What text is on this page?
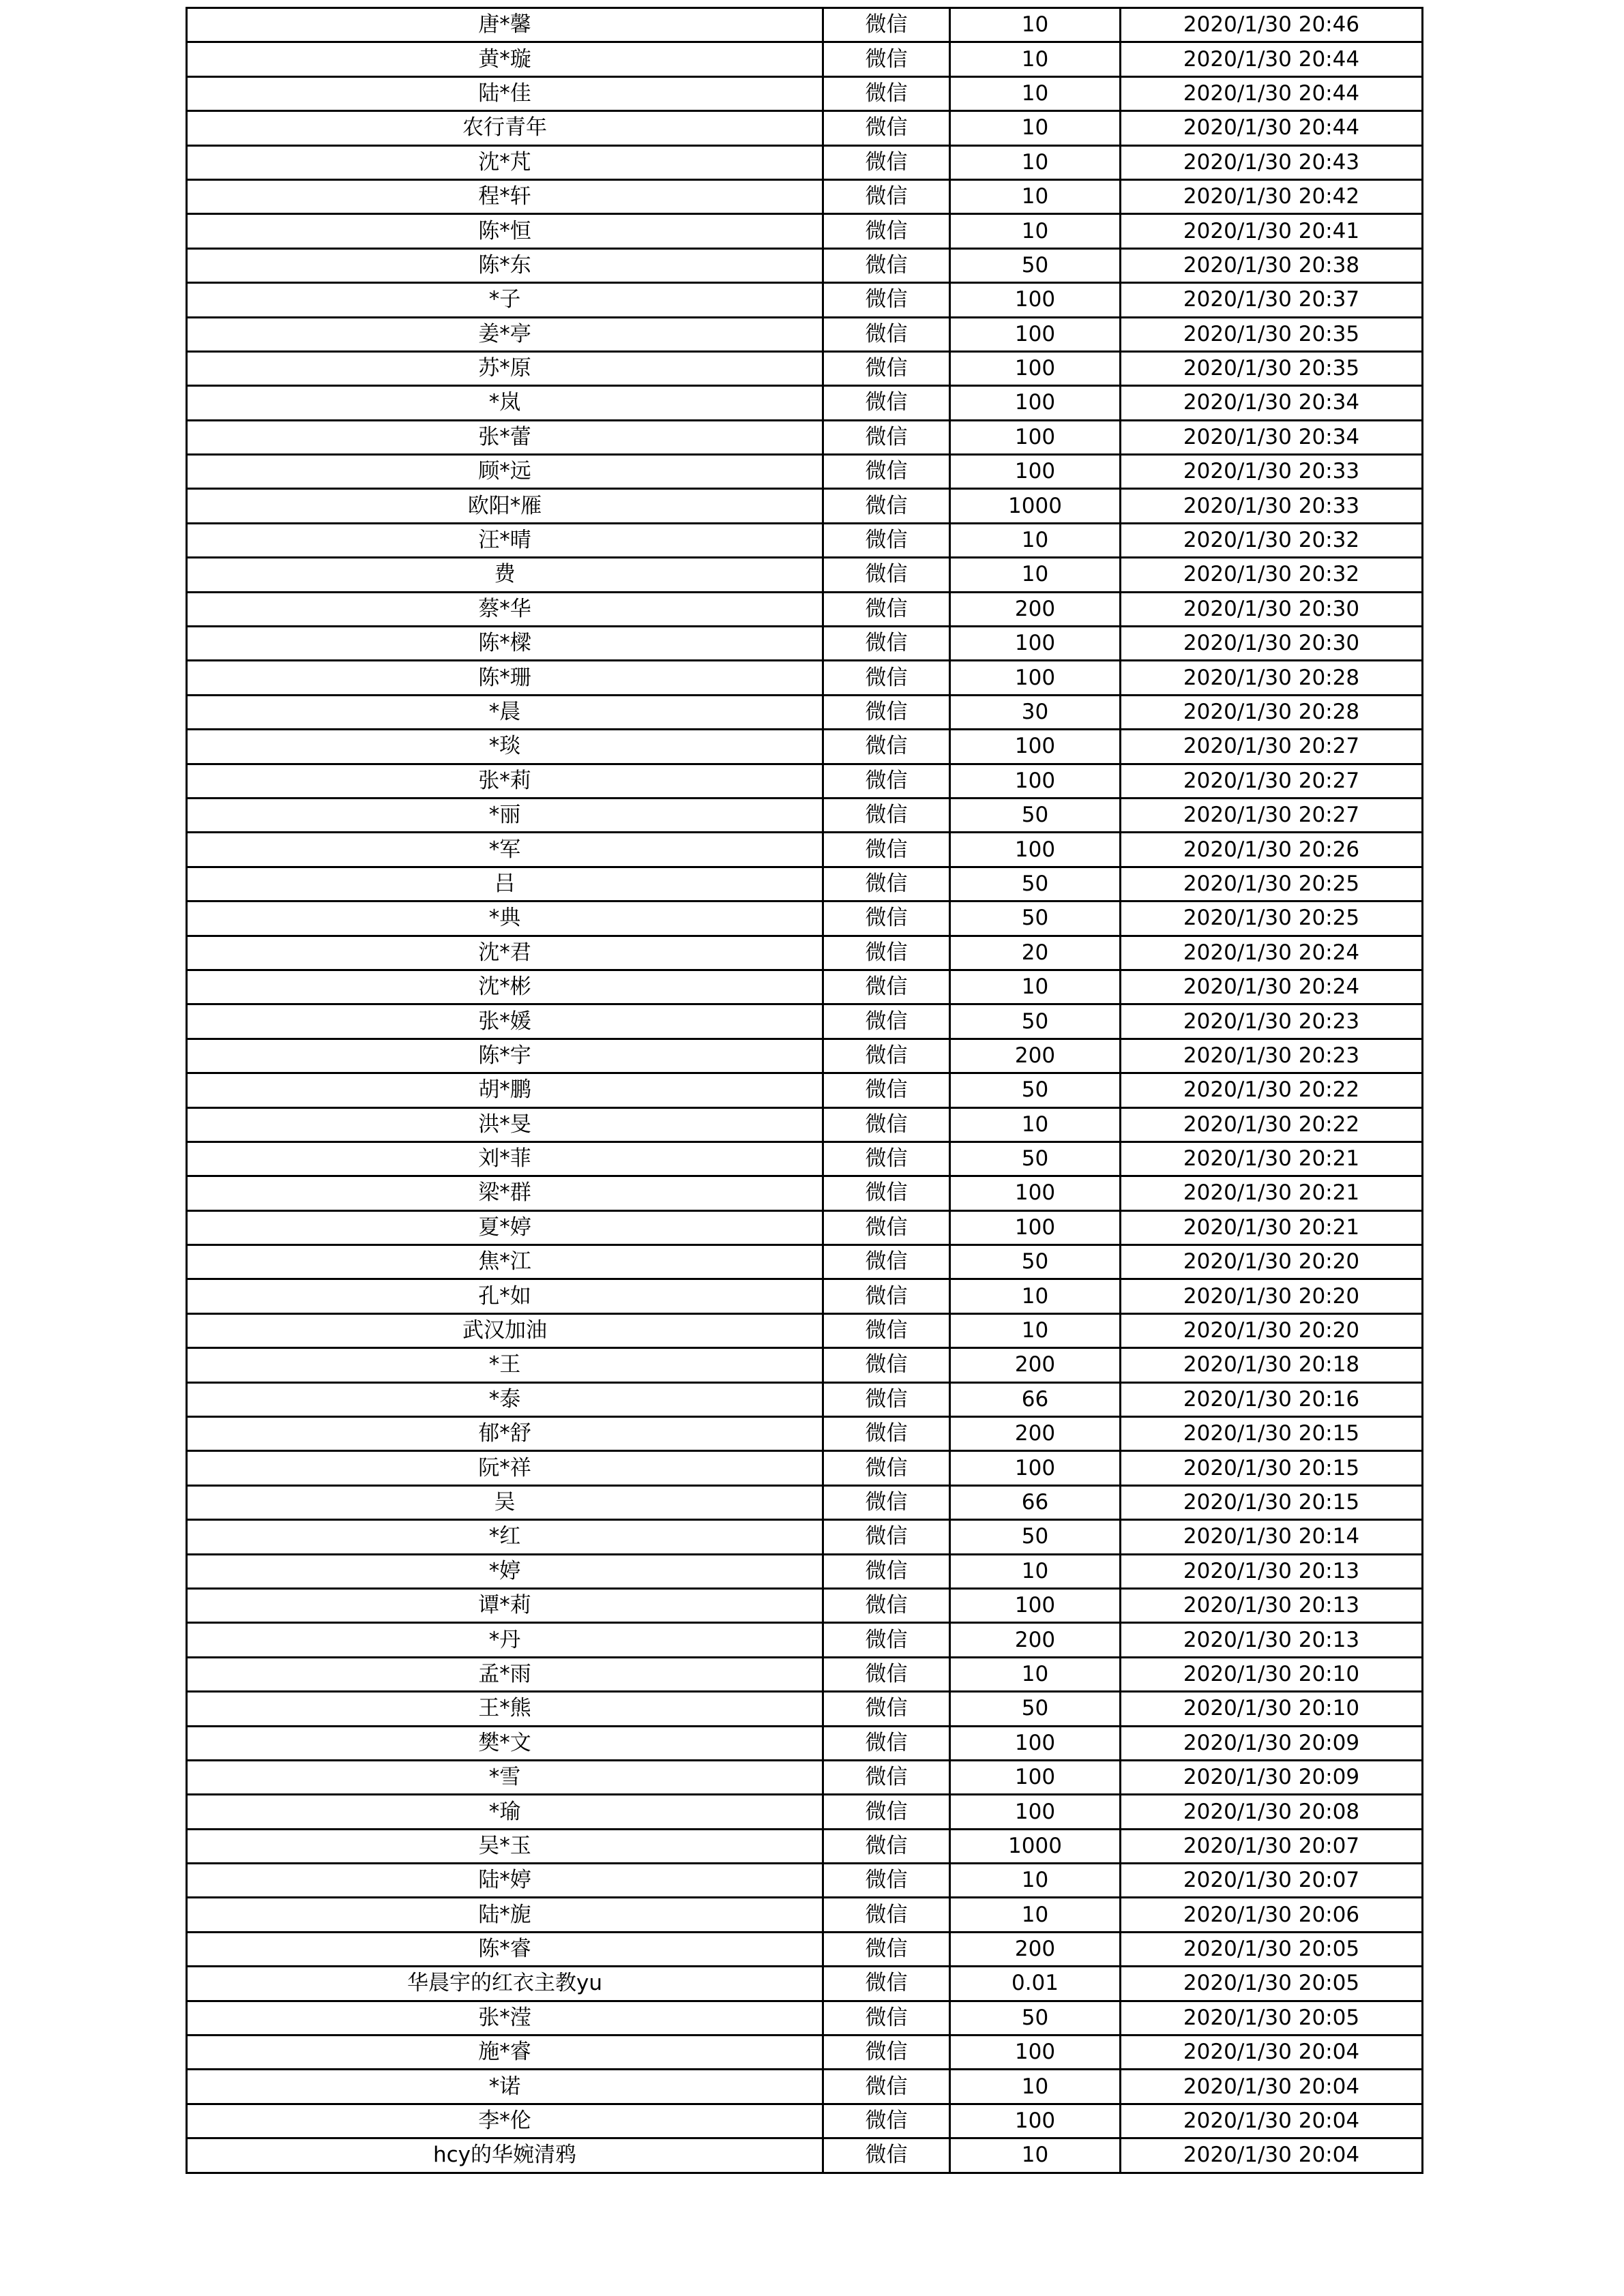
唐*馨	微信	10	2020/1/30 20:46
黄*璇	微信	10	2020/1/30 20:44
陆*佳	微信	10	2020/1/30 20:44
农行青年	微信	10	2020/1/30 20:44
沈*芃	微信	10	2020/1/30 20:43
程*轩	微信	10	2020/1/30 20:42
陈*恒	微信	10	2020/1/30 20:41
陈*东	微信	50	2020/1/30 20:38
*子	微信	100	2020/1/30 20:37
姜*亭	微信	100	2020/1/30 20:35
苏*原	微信	100	2020/1/30 20:35
*岚	微信	100	2020/1/30 20:34
张*蕾	微信	100	2020/1/30 20:34
顾*远	微信	100	2020/1/30 20:33
欧阳*雁	微信	1000	2020/1/30 20:33
汪*晴	微信	10	2020/1/30 20:32
费	微信	10	2020/1/30 20:32
蔡*华	微信	200	2020/1/30 20:30
陈*樑	微信	100	2020/1/30 20:30
陈*珊	微信	100	2020/1/30 20:28
*晨	微信	30	2020/1/30 20:28
*琰	微信	100	2020/1/30 20:27
张*莉	微信	100	2020/1/30 20:27
*丽	微信	50	2020/1/30 20:27
*军	微信	100	2020/1/30 20:26
吕	微信	50	2020/1/30 20:25
*典	微信	50	2020/1/30 20:25
沈*君	微信	20	2020/1/30 20:24
沈*彬	微信	10	2020/1/30 20:24
张*媛	微信	50	2020/1/30 20:23
陈*宇	微信	200	2020/1/30 20:23
胡*鹏	微信	50	2020/1/30 20:22
洪*旻	微信	10	2020/1/30 20:22
刘*菲	微信	50	2020/1/30 20:21
梁*群	微信	100	2020/1/30 20:21
夏*婷	微信	100	2020/1/30 20:21
焦*江	微信	50	2020/1/30 20:20
孔*如	微信	10	2020/1/30 20:20
武汉加油	微信	10	2020/1/30 20:20
*王	微信	200	2020/1/30 20:18
*泰	微信	66	2020/1/30 20:16
郁*舒	微信	200	2020/1/30 20:15
阮*祥	微信	100	2020/1/30 20:15
吴	微信	66	2020/1/30 20:15
*红	微信	50	2020/1/30 20:14
*婷	微信	10	2020/1/30 20:13
谭*莉	微信	100	2020/1/30 20:13
*丹	微信	200	2020/1/30 20:13
孟*雨	微信	10	2020/1/30 20:10
王*熊	微信	50	2020/1/30 20:10
樊*文	微信	100	2020/1/30 20:09
*雪	微信	100	2020/1/30 20:09
*瑜	微信	100	2020/1/30 20:08
吴*玉	微信	1000	2020/1/30 20:07
陆*婷	微信	10	2020/1/30 20:07
陆*旎	微信	10	2020/1/30 20:06
陈*睿	微信	200	2020/1/30 20:05
华晨宇的红衣主教yu	微信	0.01	2020/1/30 20:05
张*滢	微信	50	2020/1/30 20:05
施*睿	微信	100	2020/1/30 20:04
*诺	微信	10	2020/1/30 20:04
李*伦	微信	100	2020/1/30 20:04
hcy的华婉清鸦	微信	10	2020/1/30 20:04
